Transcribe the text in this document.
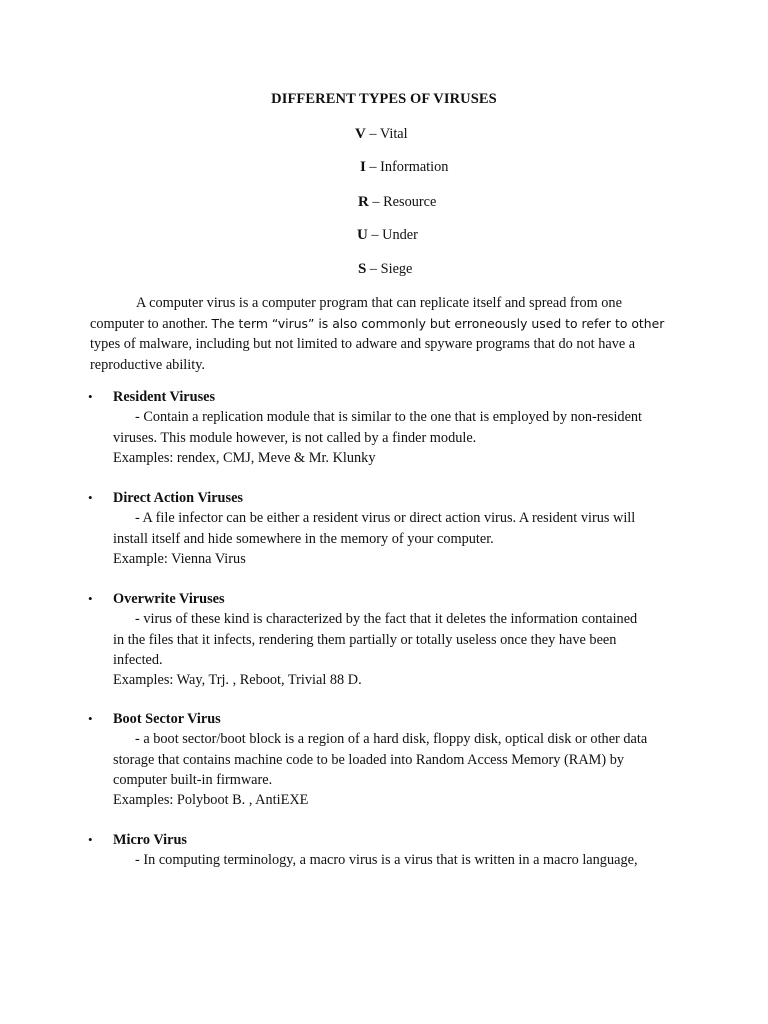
DIFFERENT TYPES OF VIRUSES
V – Vital
I – Information
R – Resource
U – Under
S – Siege
A computer virus is a computer program that can replicate itself and spread from one
computer to another. The term “virus” is also commonly but erroneously used to refer to other
types of malware, including but not limited to adware and spyware programs that do not have a
reproductive ability.
• Resident Viruses
- Contain a replication module that is similar to the one that is employed by non-resident
viruses. This module however, is not called by a finder module.
Examples: rendex, CMJ, Meve & Mr. Klunky
• Direct Action Viruses
- A file infector can be either a resident virus or direct action virus. A resident virus will
install itself and hide somewhere in the memory of your computer.
Example: Vienna Virus
• Overwrite Viruses
- virus of these kind is characterized by the fact that it deletes the information contained
in the files that it infects, rendering them partially or totally useless once they have been
infected.
Examples: Way, Trj. , Reboot, Trivial 88 D.
• Boot Sector Virus
- a boot sector/boot block is a region of a hard disk, floppy disk, optical disk or other data
storage that contains machine code to be loaded into Random Access Memory (RAM) by
computer built-in firmware.
Examples: Polyboot B. , AntiEXE
• Micro Virus
- In computing terminology, a macro virus is a virus that is written in a macro language,
